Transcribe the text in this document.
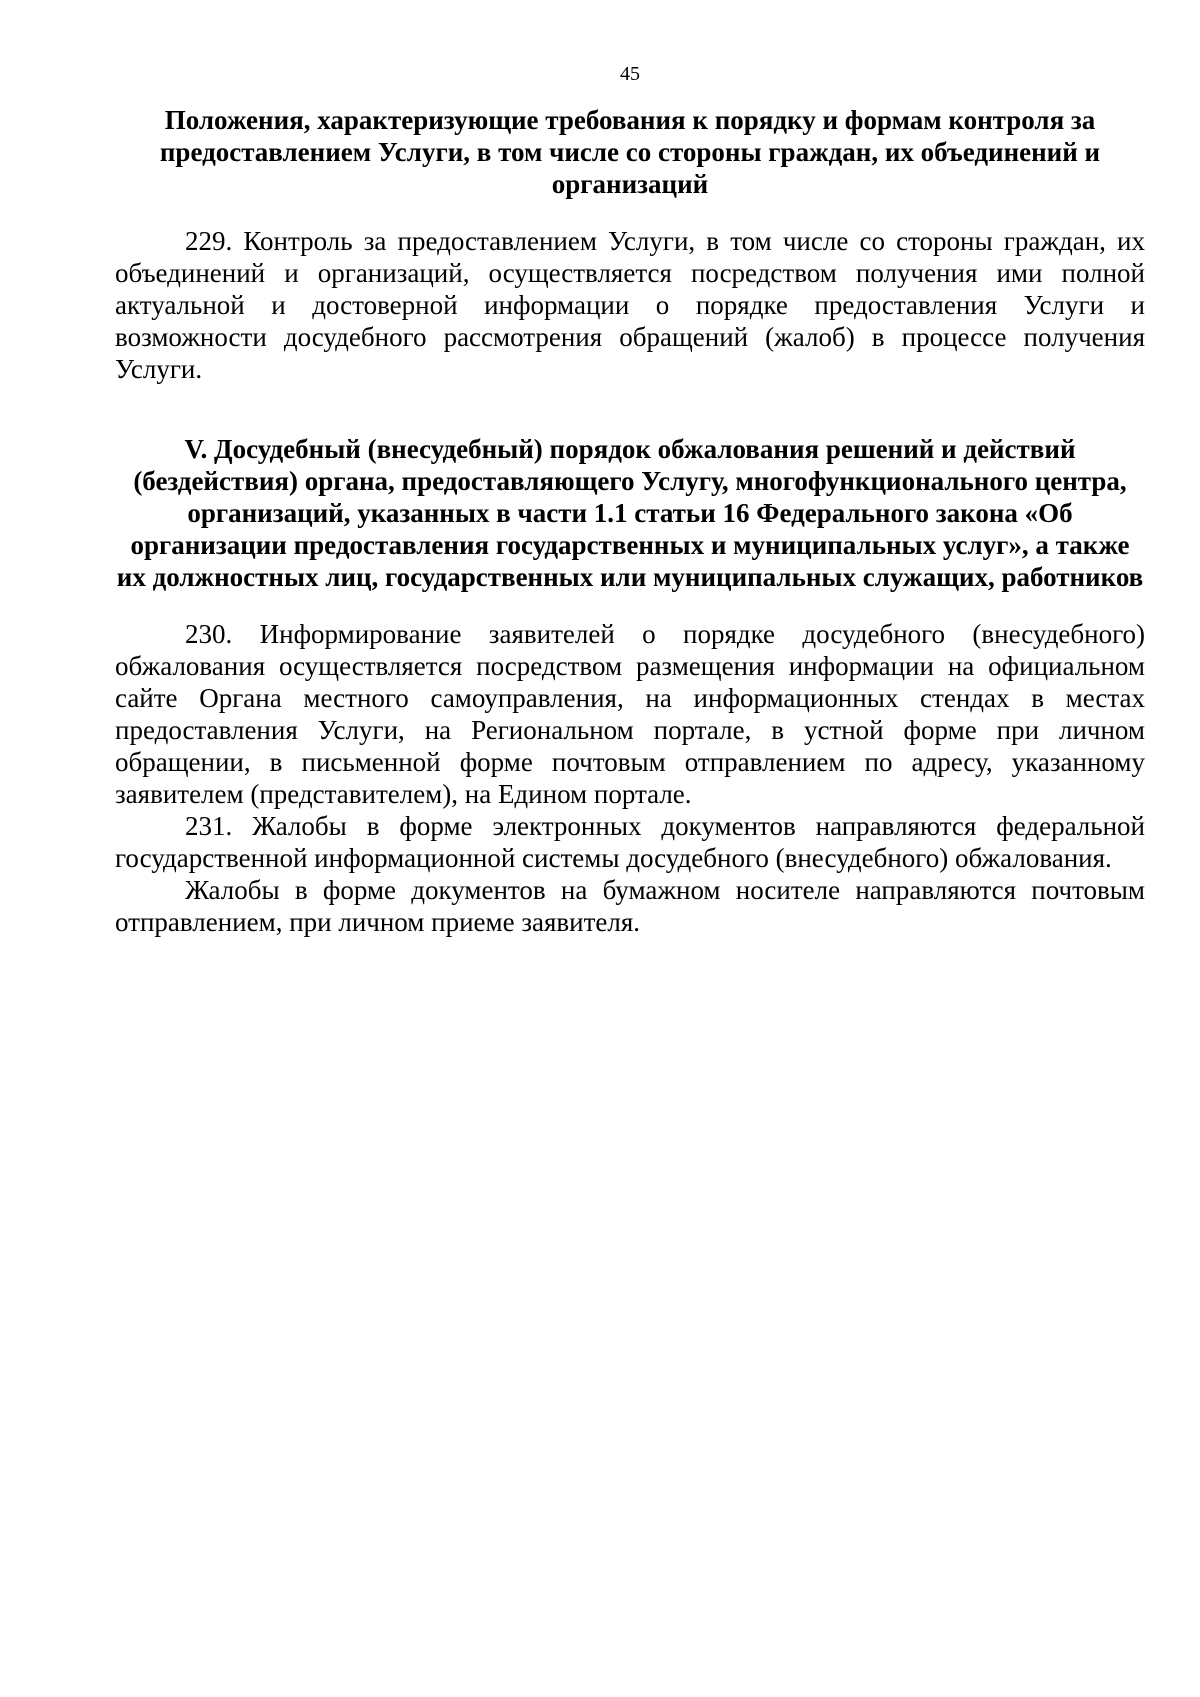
45
Положения, характеризующие требования к порядку и формам контроля за предоставлением Услуги, в том числе со стороны граждан, их объединений и организаций

229. Контроль за предоставлением Услуги, в том числе со стороны граждан, их объединений и организаций, осуществляется посредством получения ими полной актуальной и достоверной информации о порядке предоставления Услуги и возможности досудебного рассмотрения обращений (жалоб) в процессе получения Услуги.

V. Досудебный (внесудебный) порядок обжалования решений и действий (бездействия) органа, предоставляющего Услугу, многофункционального центра, организаций, указанных в части 1.1 статьи 16 Федерального закона «Об организации предоставления государственных и муниципальных услуг», а также их должностных лиц, государственных или муниципальных служащих, работников

230. Информирование заявителей о порядке досудебного (внесудебного) обжалования осуществляется посредством размещения информации на официальном сайте Органа местного самоуправления, на информационных стендах в местах предоставления Услуги, на Региональном портале, в устной форме при личном обращении, в письменной форме почтовым отправлением по адресу, указанному заявителем (представителем), на Едином портале.

231. Жалобы в форме электронных документов направляются федеральной государственной информационной системы досудебного (внесудебного) обжалования.

Жалобы в форме документов на бумажном носителе направляются почтовым отправлением, при личном приеме заявителя.
